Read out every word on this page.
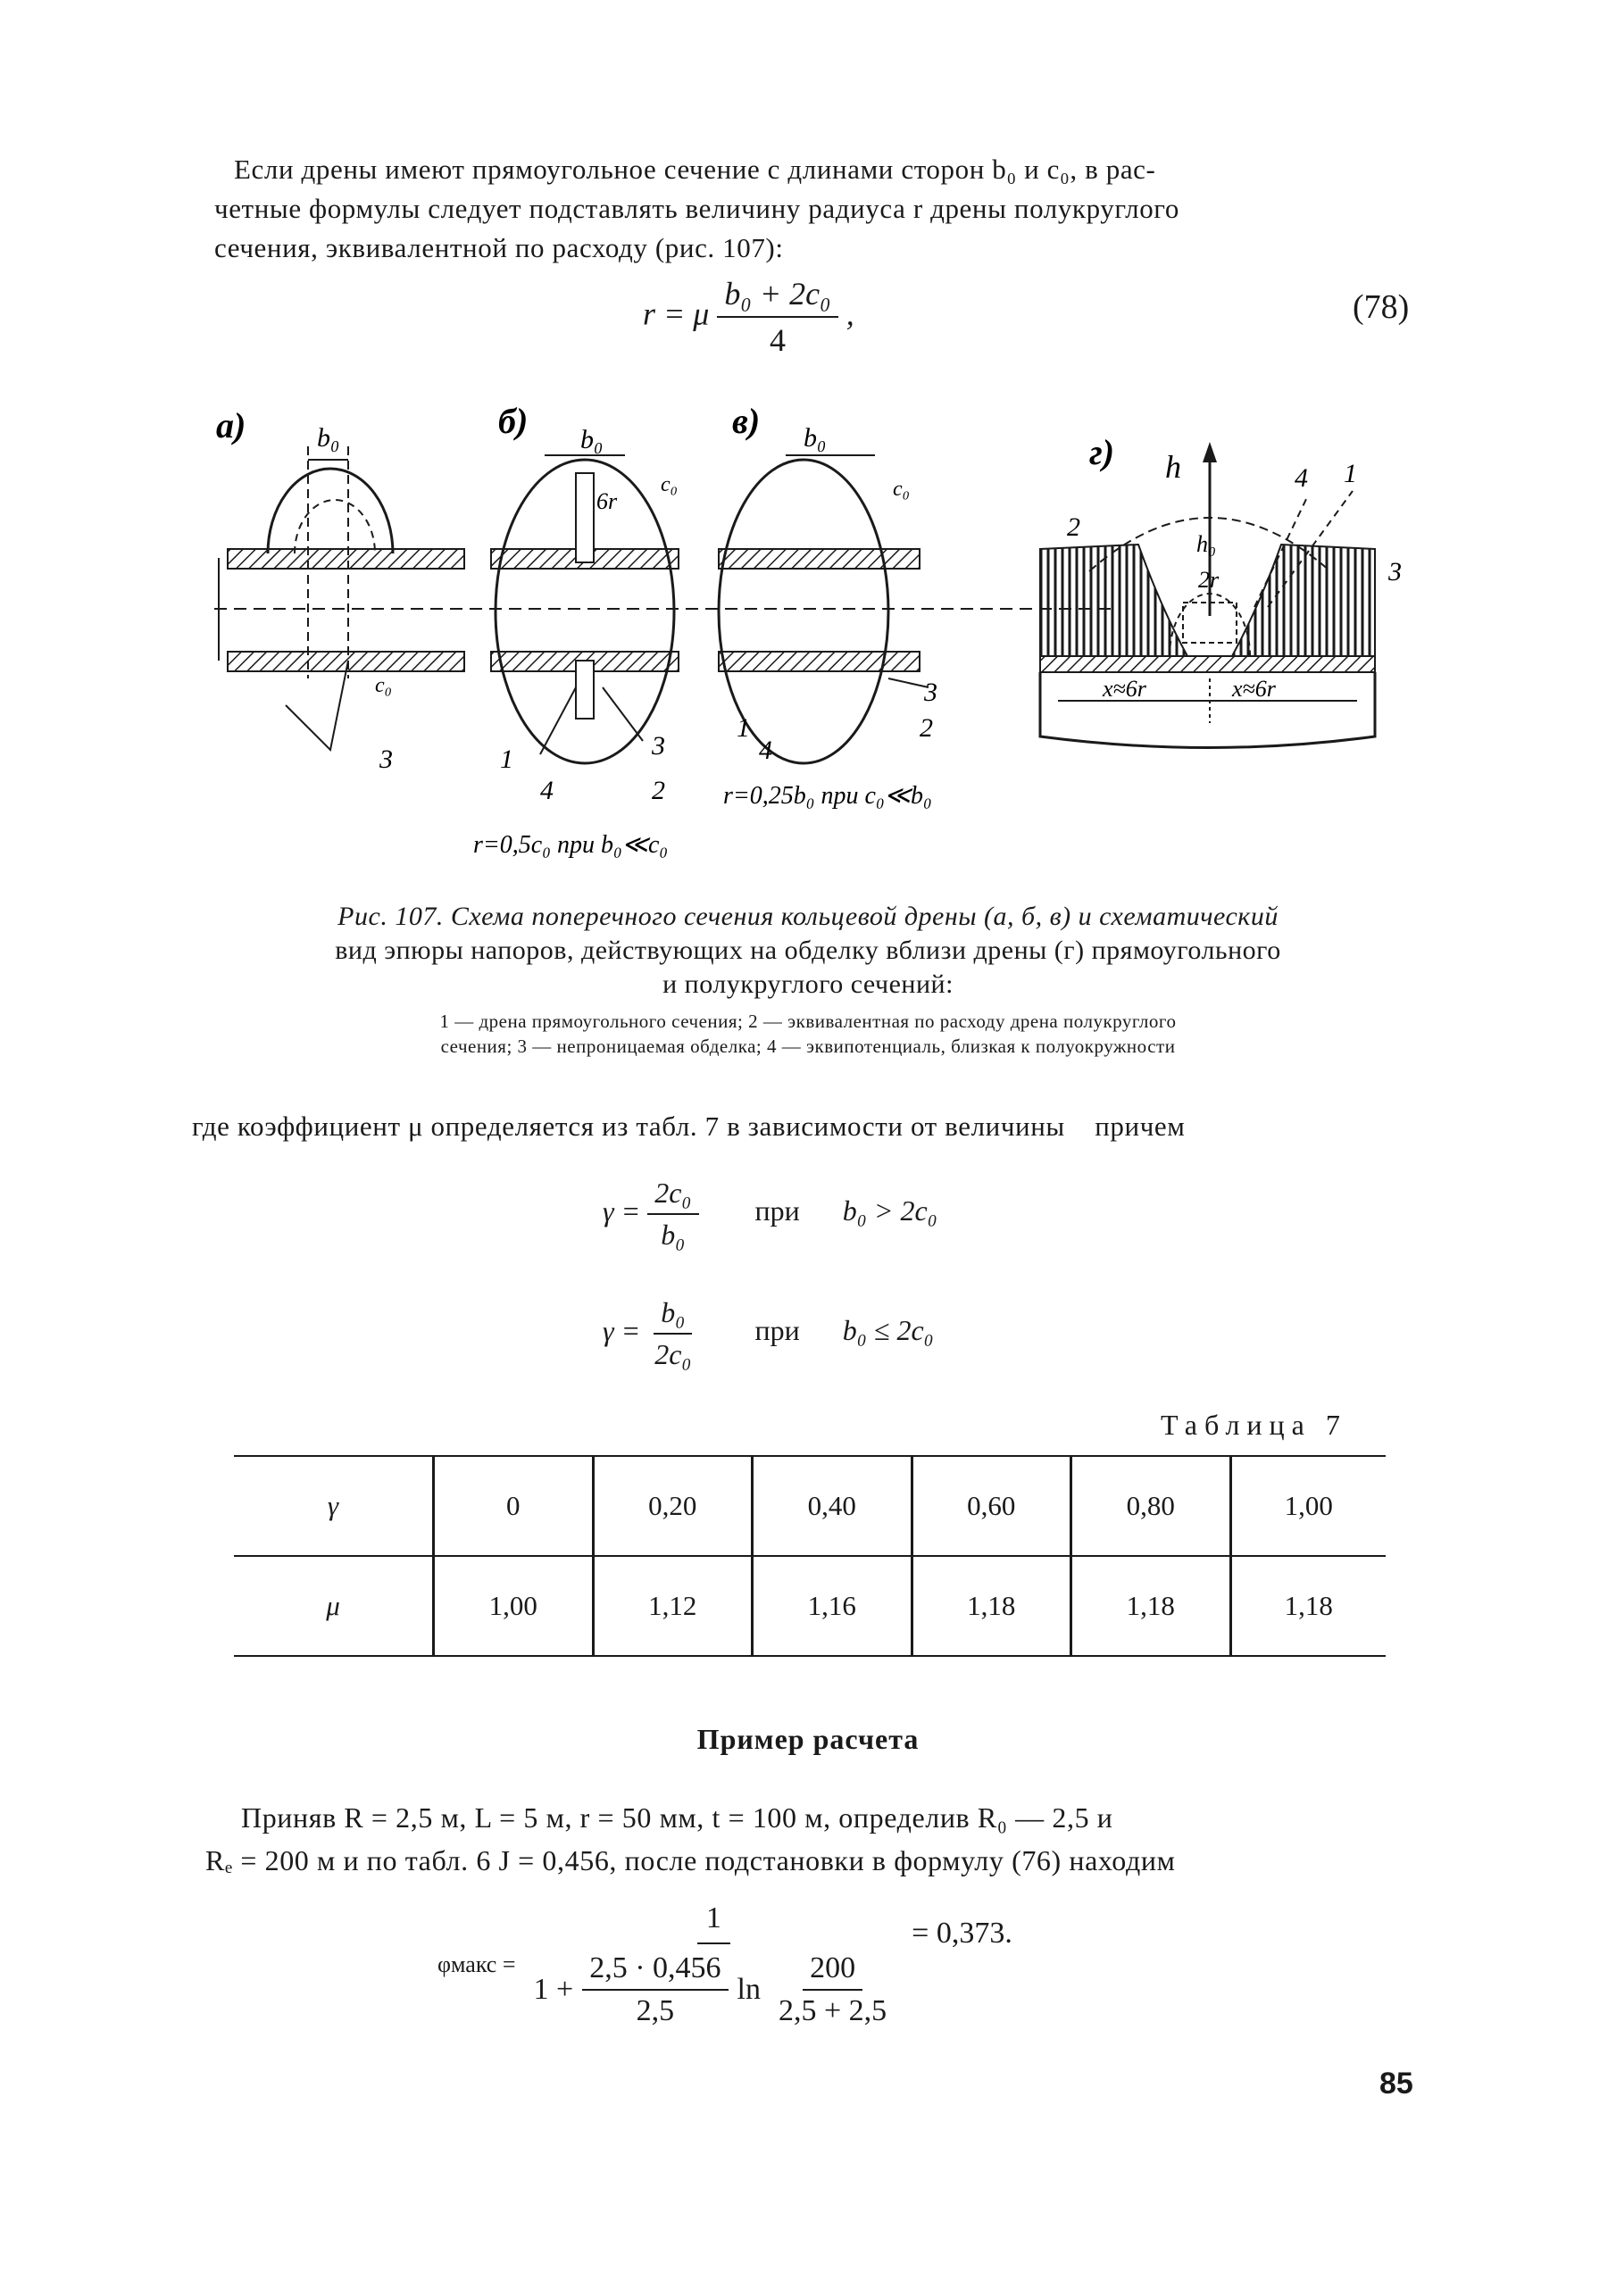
Если дрены имеют прямоугольное сечение с длинами сторон b₀ и c₀, в рас-
четные формулы следует подставлять величину радиуса r дрены полукруглого
сечения, эквивалентной по расходу (рис. 107):
r = μ $\frac{\text{b₀ + 2c₀}}{4}$ ,	(78)
а)	b₀
3
c₀
б) b₀
6r
c₀
1
4
3
2
r=0,5c₀ при b₀≪c₀
в) b₀
c₀
3
2
1
4
r=0,25b₀ при c₀≪b₀
г) h
h₀
2r
x≈6r	x≈6r
2
4 1
3
Рис. 107. Схема поперечного сечения кольцевой дрены (а, б, в) и схематический
вид эпюры напоров, действующих на обделку вблизи дрены (г) прямоугольного
и полукруглого сечений:
1 — дрена прямоугольного сечения; 2 — эквивалентная по расходу дрена полукруглого
сечения; 3 — непроницаемая обделка; 4 — эквипотенциаль, близкая к полуокружности
где коэффициент μ определяется из табл. 7 в зависимости от величины    причем
$\gamma = \frac{\text{2c₀}}{\text{b₀}}$ при b₀ > 2c₀
$\gamma = \frac{\text{b₀}}{\text{2c₀}}$ при b₀ ≤ 2c₀
Таблица 7
γ	0	0,20	0,40	0,60	0,80	1,00
μ	1,00	1,12	1,16	1,18	1,18	1,18
Пример расчета
Приняв R = 2,5 м, L = 5 м, r = 50 мм, t = 100 м, определив R₀ — 2,5 и
Rₑ = 200 м и по табл. 6 J = 0,456, после подстановки в формулу (76) находим
φмакс = $\frac{1}{1 + \frac{2,5 \cdot 0,456}{2,5} \ln \frac{200}{2,5 + 2,5}} = 0,373$.
85
